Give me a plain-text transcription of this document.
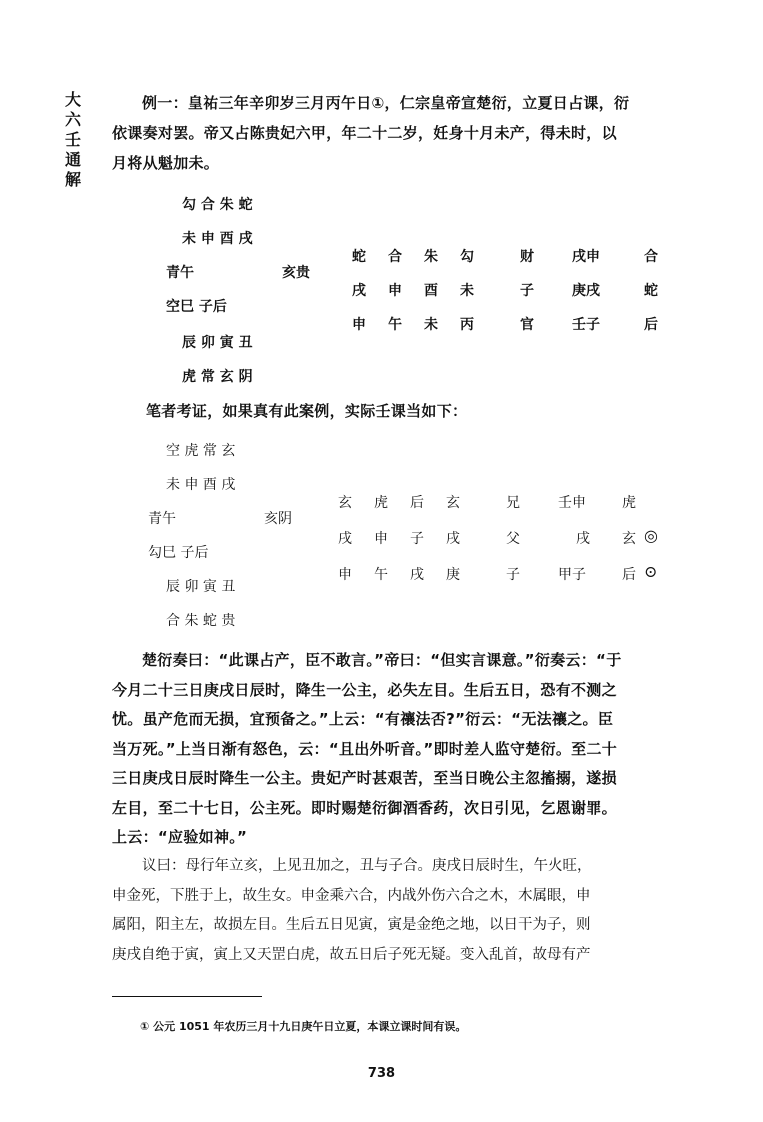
大
六
壬
通
解

例一：皇祐三年辛卯岁三月丙午日①，仁宗皇帝宣楚衍，立夏日占课，衍

依课奏对罢。帝又占陈贵妃六甲，年二十二岁，妊身十月未产，得未时，以

月将从魁加未。

勾 合 朱 蛇
未 申 酉 戌
青午	亥贵
空巳 子后
辰 卯 寅 丑
虎 常 玄 阴
蛇 合 朱 勾
戌 申 酉 未
申 午 未 丙
财	戌申	合
子	庚戌	蛇
官	壬子	后
笔者考证，如果真有此案例，实际壬课当如下：
空 虎 常 玄
未 申 酉 戌
青午	亥阴
勾巳 子后
辰 卯 寅 丑
合 朱 蛇 贵
玄 虎 后 玄
戌 申 子 戌
申 午 戌 庚
兄	壬申	虎
父	戌 玄 ◎
子	甲子	后 ⊙

楚衍奏曰：“此课占产，臣不敢言。”帝曰：“但实言课意。”衍奏云：“于

今月二十三日庚戌日辰时，降生一公主，必失左目。生后五日，恐有不测之

忧。虽产危而无损，宜预备之。”上云：“有禳法否?”衍云：“无法禳之。臣

当万死。”上当日渐有怒色，云：“且出外听音。”即时差人监守楚衍。至二十

三日庚戌日辰时降生一公主。贵妃产时甚艰苦，至当日晚公主忽搐搦，遂损

左目，至二十七日，公主死。即时赐楚衍御酒香药，次日引见，乞恩谢罪。

上云：“应验如神。”

议曰：母行年立亥，上见丑加之，丑与子合。庚戌日辰时生，午火旺，

申金死，下胜于上，故生女。申金乘六合，内战外伤六合之木，木属眼，申

属阳，阳主左，故损左目。生后五日见寅，寅是金绝之地，以日干为子，则

庚戌自绝于寅，寅上又天罡白虎，故五日后子死无疑。变入乱首，故母有产

① 公元 1051 年农历三月十九日庚午日立夏，本课立课时间有误。
738
